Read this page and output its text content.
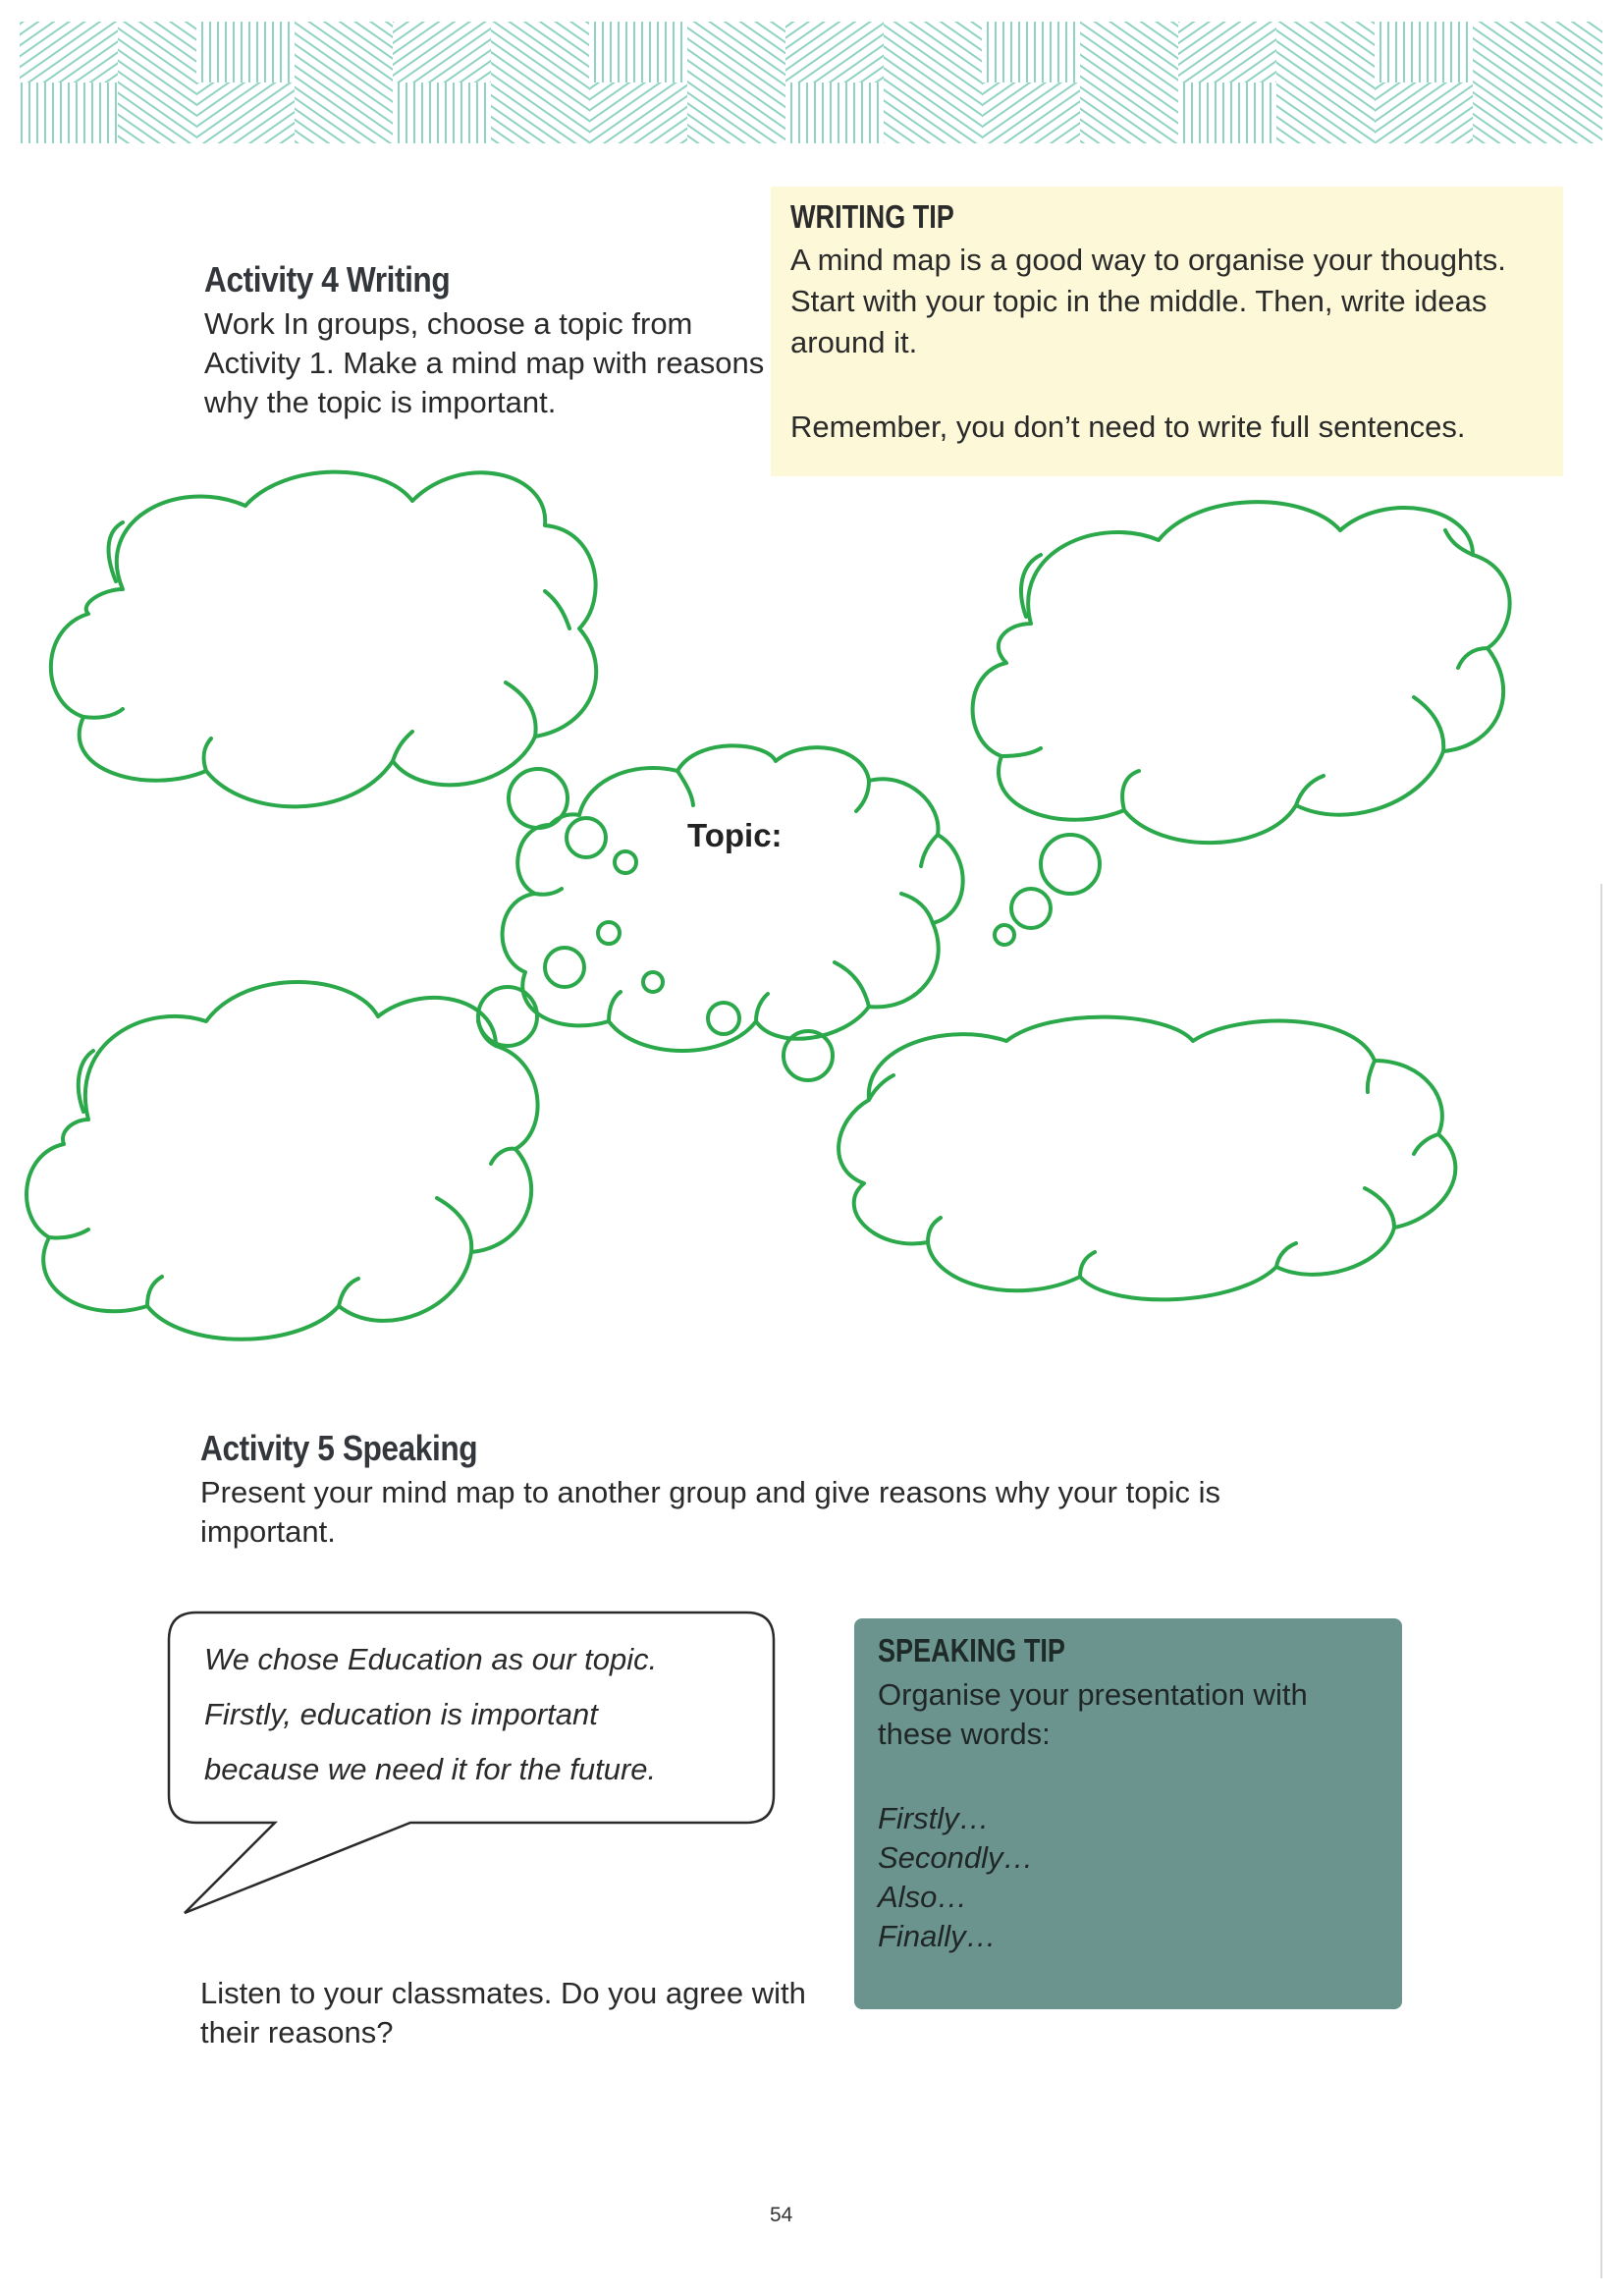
Activity 4 Writing
Work In groups, choose a topic from Activity 1. Make a mind map with reasons why the topic is important.
WRITING TIP
A mind map is a good way to organise your thoughts. Start with your topic in the middle. Then, write ideas around it.
Remember, you don’t need to write full sentences.
Topic:
Activity 5 Speaking
Present your mind map to another group and give reasons why your topic is important.
We chose Education as our topic.
Firstly, education is important
because we need it for the future.
Listen to your classmates. Do you agree with their reasons?
SPEAKING TIP
Organise your presentation with these words:
Firstly…
Secondly…
Also…
Finally…
54
